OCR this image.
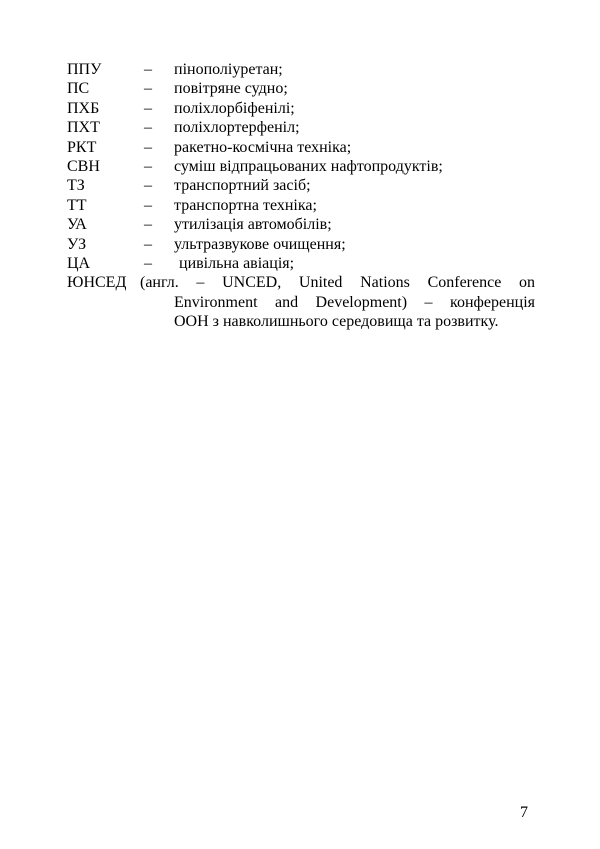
ППУ	– пінополіуретан;
ПС	– повітряне судно;
ПХБ	– поліхлорбіфенілі;
ПХТ	– поліхлортерфеніл;
РКТ	– ракетно-космічна техніка;
СВН	– суміш відпрацьованих нафтопродуктів;
ТЗ	– транспортний засіб;
ТТ	– транспортна техніка;
УА	– утилізація автомобілів;
УЗ	– ультразвукове очищення;
ЦА	– цивільна авіація;
ЮНСЕД (англ. – UNCED, United Nations Conference on
Environment and Development) – конференція
ООН з навколишнього середовища та розвитку.
7
